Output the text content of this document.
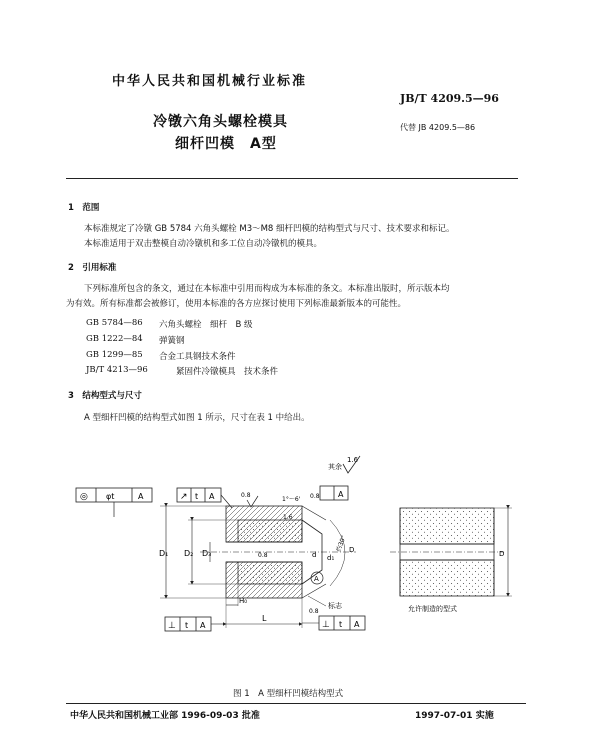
中华人民共和国机械行业标准
JB/T 4209.5—96
冷镦六角头螺栓模具
细杆凹模　A型
代替 JB 4209.5—86
1　范围
本标准规定了冷镦 GB 5784 六角头螺栓 M3～M8 细杆凹模的结构型式与尺寸、技术要求和标记。
本标准适用于双击整模自动冷镦机和多工位自动冷镦机的模具。
2　引用标准
下列标准所包含的条文，通过在本标准中引用而构成为本标准的条文。本标准出版时，所示版本均
为有效。所有标准都会被修订，使用本标准的各方应探讨使用下列标准最新版本的可能性。
GB 5784—86 六角头螺栓　细杆　B 级
GB 1222—84 弹簧钢
GB 1299—85 合金工具钢技术条件
JB/T 4213—96	紧固件冷镦模具　技术条件
3　结构型式与尺寸
A 型细杆凹模的结构型式如图 1 所示，尺寸在表 1 中给出。
其余
1.6
◎ φt	A	↗ t A	A
0.8
0.8
0.8
1.6
1°～6'
约30°
D₁ D₂ D₃	d d₁
D
A
H₀
L
标志
0.8
⊥ t A	⊥ t A
D
允许制造的型式
图 1　A 型细杆凹模结构型式
中华人民共和国机械工业部 1996-09-03 批准	1997-07-01 实施
